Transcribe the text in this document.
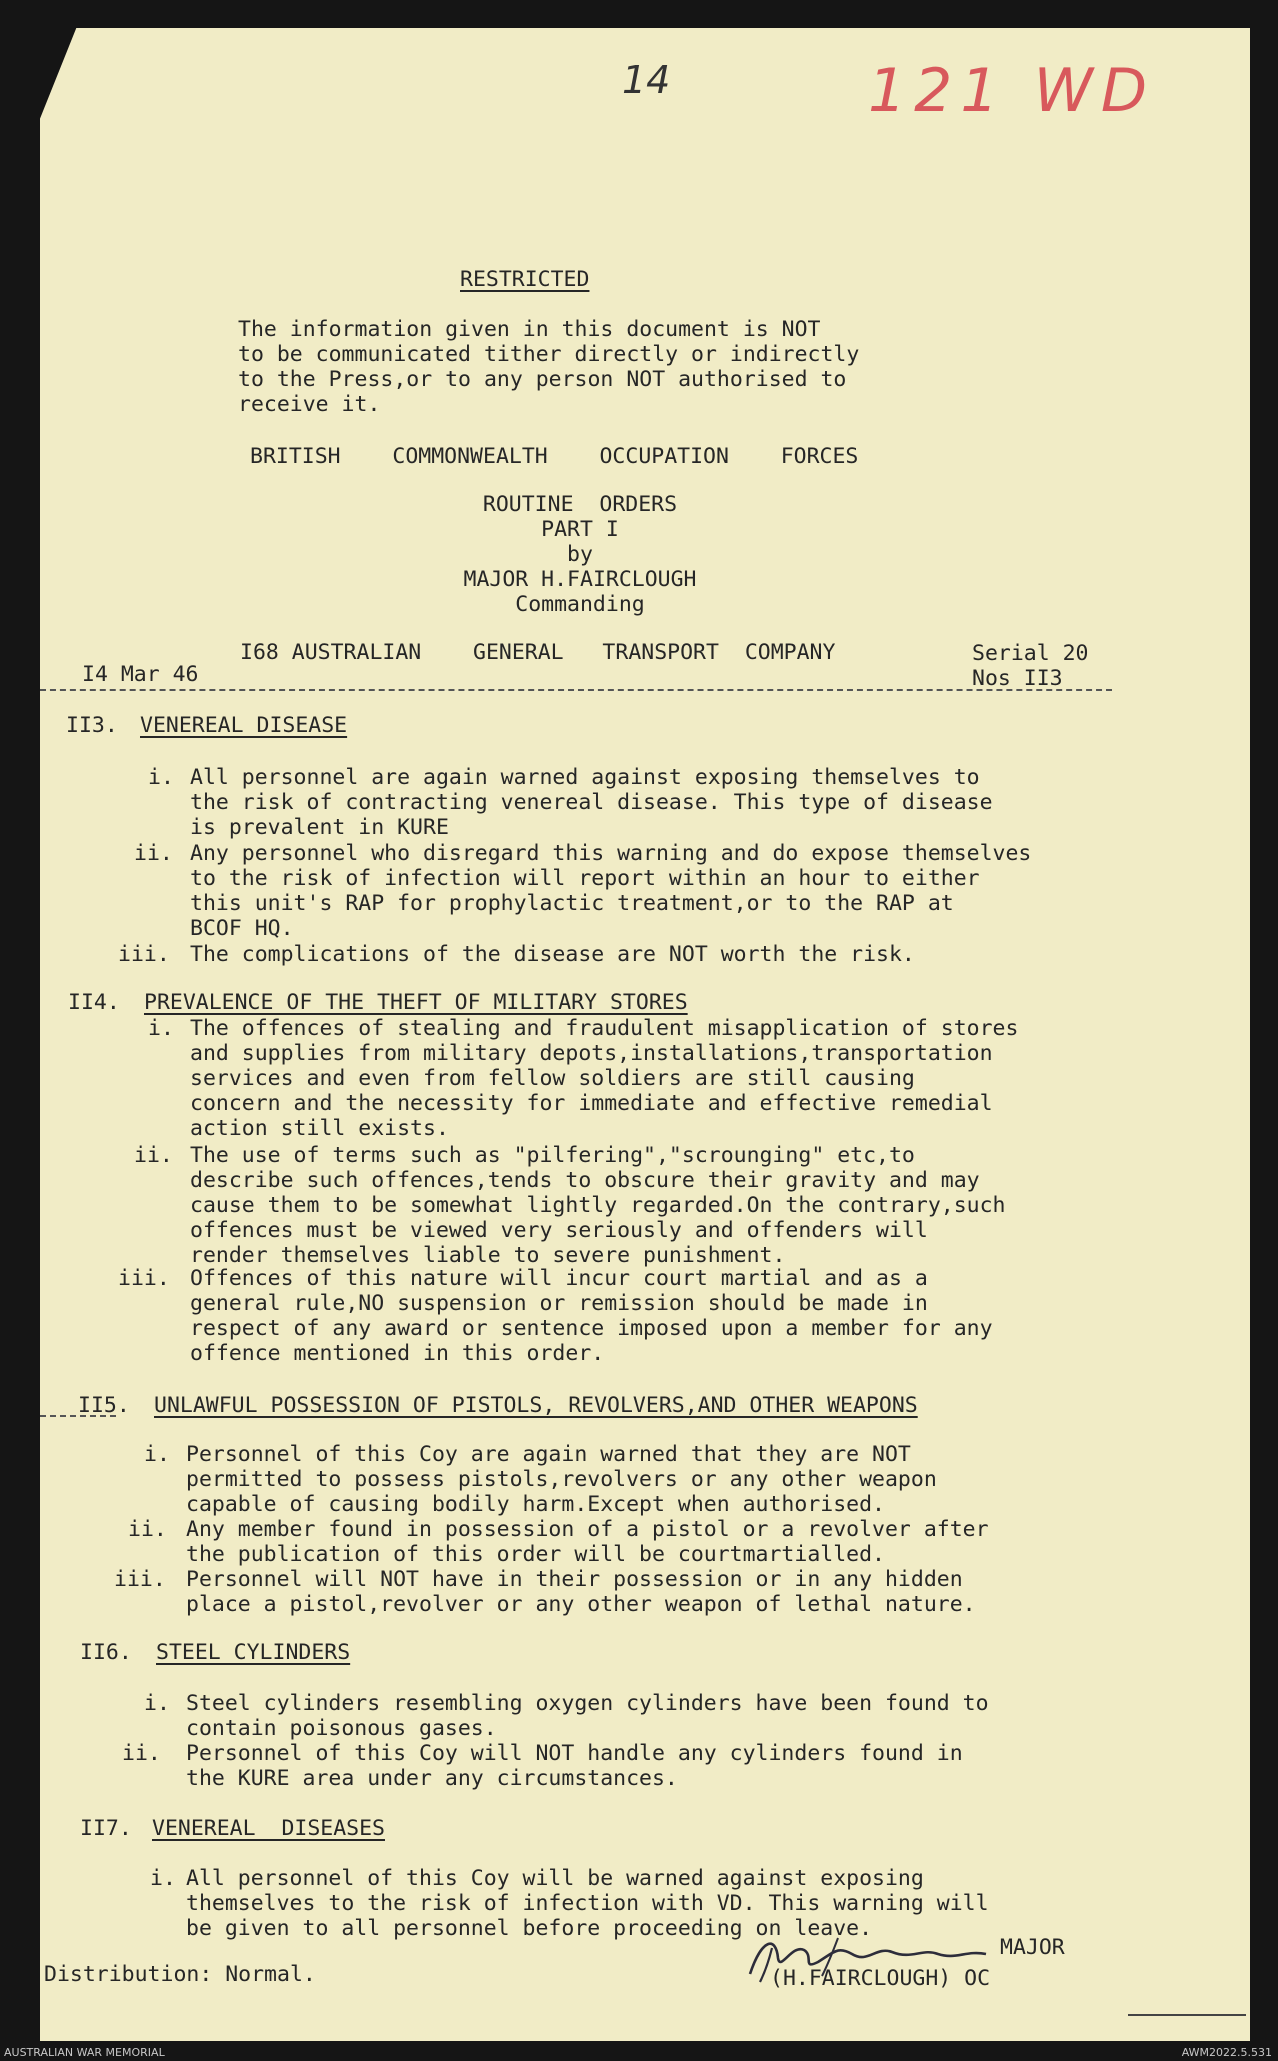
14	121 WD
RESTRICTED
The information given in this document is NOT
to be communicated tither directly or indirectly
to the Press,or to any person NOT authorised to
receive it.
BRITISH    COMMONWEALTH    OCCUPATION    FORCES
ROUTINE  ORDERS
PART I
by
MAJOR H.FAIRCLOUGH
Commanding
I68 AUSTRALIAN    GENERAL   TRANSPORT  COMPANY	Serial 20
Nos II3
I4 Mar 46
II3. VENEREAL DISEASE
i. All personnel are again warned against exposing themselves to
the risk of contracting venereal disease. This type of disease
is prevalent in KURE
ii. Any personnel who disregard this warning and do expose themselves
to the risk of infection will report within an hour to either
this unit's RAP for prophylactic treatment,or to the RAP at
BCOF HQ.
iii. The complications of the disease are NOT worth the risk.
II4. PREVALENCE OF THE THEFT OF MILITARY STORES
i. The offences of stealing and fraudulent misapplication of stores
and supplies from military depots,installations,transportation
services and even from fellow soldiers are still causing
concern and the necessity for immediate and effective remedial
action still exists.
ii. The use of terms such as "pilfering","scrounging" etc,to
describe such offences,tends to obscure their gravity and may
cause them to be somewhat lightly regarded.On the contrary,such
offences must be viewed very seriously and offenders will
render themselves liable to severe punishment.
iii. Offences of this nature will incur court martial and as a
general rule,NO suspension or remission should be made in
respect of any award or sentence imposed upon a member for any
offence mentioned in this order.
II5. UNLAWFUL POSSESSION OF PISTOLS, REVOLVERS,AND OTHER WEAPONS
i. Personnel of this Coy are again warned that they are NOT
permitted to possess pistols,revolvers or any other weapon
capable of causing bodily harm.Except when authorised.
ii. Any member found in possession of a pistol or a revolver after
the publication of this order will be courtmartialled.
iii. Personnel will NOT have in their possession or in any hidden
place a pistol,revolver or any other weapon of lethal nature.
II6. STEEL CYLINDERS
i. Steel cylinders resembling oxygen cylinders have been found to
contain poisonous gases.
ii. Personnel of this Coy will NOT handle any cylinders found in
the KURE area under any circumstances.
II7. VENEREAL  DISEASES
i. All personnel of this Coy will be warned against exposing
themselves to the risk of infection with VD. This warning will
be given to all personnel before proceeding on leave.
Distribution: Normal.
MAJOR
(H.FAIRCLOUGH) OC
AUSTRALIAN WAR MEMORIAL	AWM2022.5.531
